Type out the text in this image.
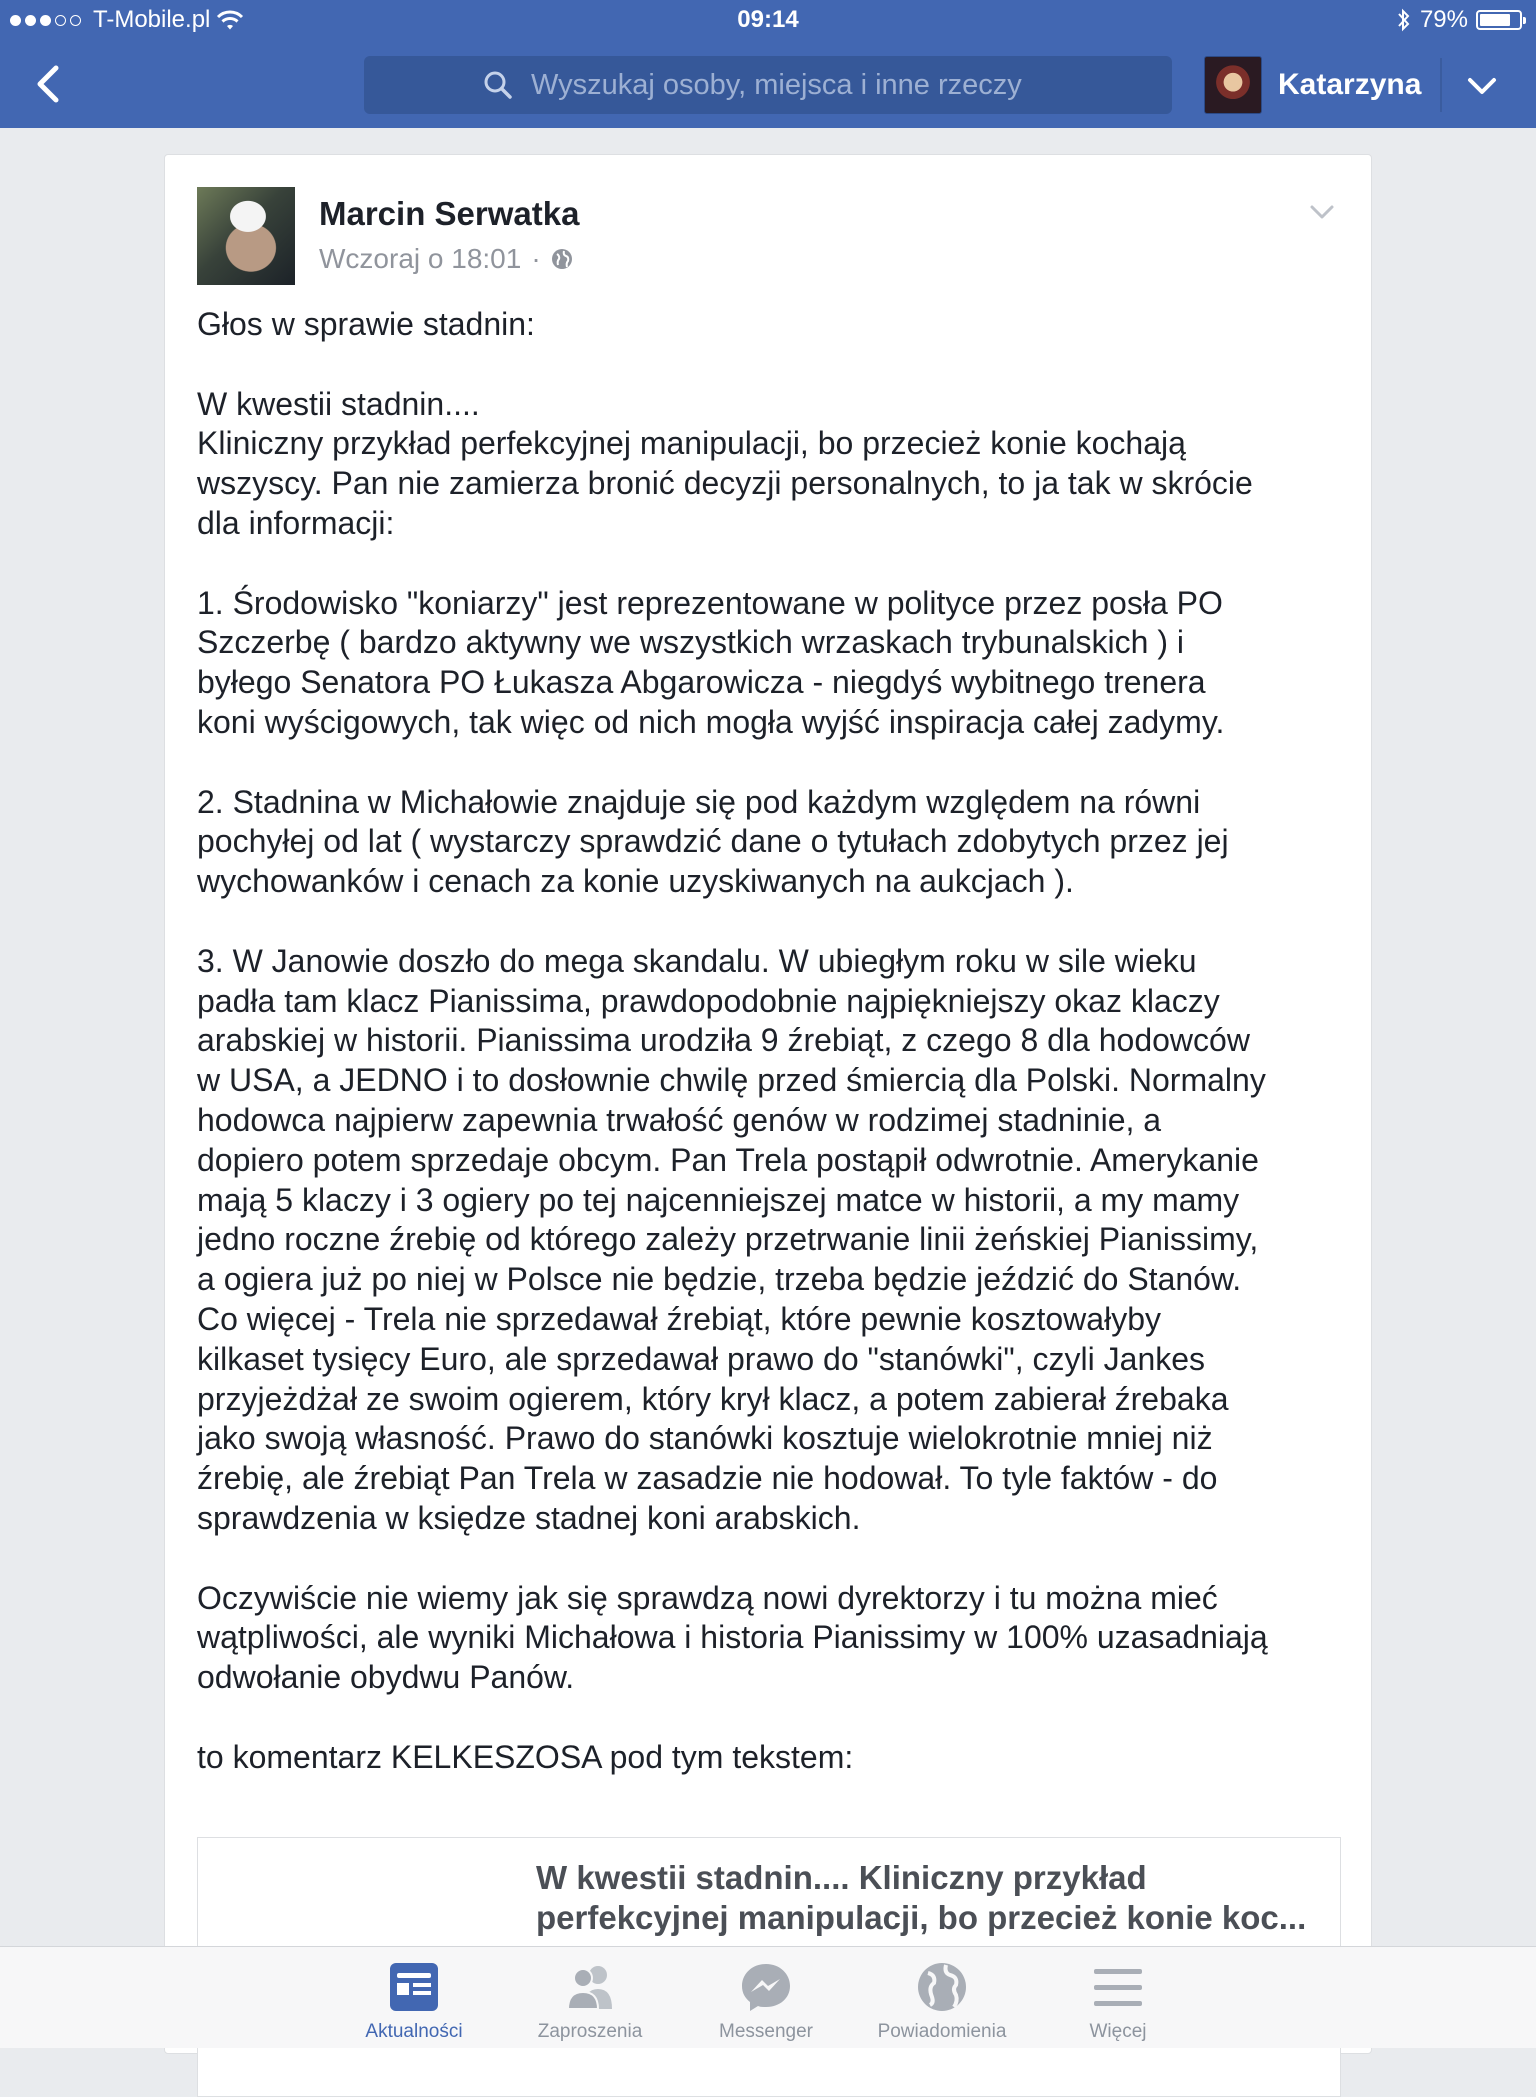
T-Mobile.pl	09:14	79%
Wyszukaj osoby, miejsca i inne rzeczy
Katarzyna
Marcin Serwatka
Wczoraj o 18:01 ·

Głos w sprawie stadnin:

W kwestii stadnin....
Kliniczny przykład perfekcyjnej manipulacji, bo przecież konie kochają
wszyscy. Pan nie zamierza bronić decyzji personalnych, to ja tak w skrócie
dla informacji:

1. Środowisko "koniarzy" jest reprezentowane w polityce przez posła PO
Szczerbę ( bardzo aktywny we wszystkich wrzaskach trybunalskich ) i
byłego Senatora PO Łukasza Abgarowicza - niegdyś wybitnego trenera
koni wyścigowych, tak więc od nich mogła wyjść inspiracja całej zadymy.

2. Stadnina w Michałowie znajduje się pod każdym względem na równi
pochyłej od lat ( wystarczy sprawdzić dane o tytułach zdobytych przez jej
wychowanków i cenach za konie uzyskiwanych na aukcjach ).

3. W Janowie doszło do mega skandalu. W ubiegłym roku w sile wieku
padła tam klacz Pianissima, prawdopodobnie najpiękniejszy okaz klaczy
arabskiej w historii. Pianissima urodziła 9 źrebiąt, z czego 8 dla hodowców
w USA, a JEDNO i to dosłownie chwilę przed śmiercią dla Polski. Normalny
hodowca najpierw zapewnia trwałość genów w rodzimej stadninie, a
dopiero potem sprzedaje obcym. Pan Trela postąpił odwrotnie. Amerykanie
mają 5 klaczy i 3 ogiery po tej najcenniejszej matce w historii, a my mamy
jedno roczne źrebię od którego zależy przetrwanie linii żeńskiej Pianissimy,
a ogiera już po niej w Polsce nie będzie, trzeba będzie jeździć do Stanów.
Co więcej - Trela nie sprzedawał źrebiąt, które pewnie kosztowałyby
kilkaset tysięcy Euro, ale sprzedawał prawo do "stanówki", czyli Jankes
przyjeżdżał ze swoim ogierem, który krył klacz, a potem zabierał źrebaka
jako swoją własność. Prawo do stanówki kosztuje wielokrotnie mniej niż
źrebię, ale źrebiąt Pan Trela w zasadzie nie hodował. To tyle faktów - do
sprawdzenia w księdze stadnej koni arabskich.

Oczywiście nie wiemy jak się sprawdzą nowi dyrektorzy i tu można mieć
wątpliwości, ale wyniki Michałowa i historia Pianissimy w 100% uzasadniają
odwołanie obydwu Panów.

to komentarz KELKESZOSA pod tym tekstem:

W kwestii stadnin.... Kliniczny przykład
perfekcyjnej manipulacji, bo przecież konie koc...
Aktualności	Zaproszenia	Messenger	Powiadomienia	Więcej
